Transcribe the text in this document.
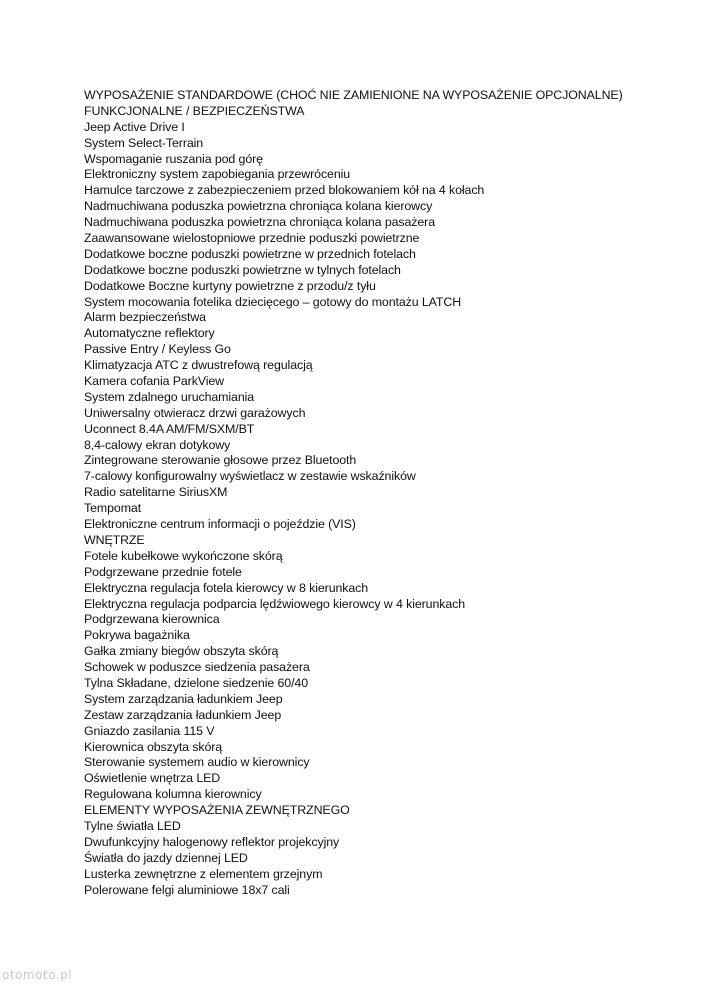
WYPOSAŻENIE STANDARDOWE (CHOĆ NIE ZAMIENIONE NA WYPOSAŻENIE OPCJONALNE)
FUNKCJONALNE / BEZPIECZEŃSTWA
Jeep Active Drive I
System Select-Terrain
Wspomaganie ruszania pod górę
Elektroniczny system zapobiegania przewróceniu
Hamulce tarczowe z zabezpieczeniem przed blokowaniem kół na 4 kołach
Nadmuchiwana poduszka powietrzna chroniąca kolana kierowcy
Nadmuchiwana poduszka powietrzna chroniąca kolana pasażera
Zaawansowane wielostopniowe przednie poduszki powietrzne
Dodatkowe boczne poduszki powietrzne w przednich fotelach
Dodatkowe boczne poduszki powietrzne w tylnych fotelach
Dodatkowe Boczne kurtyny powietrzne z przodu/z tyłu
System mocowania fotelika dziecięcego – gotowy do montażu LATCH
Alarm bezpieczeństwa
Automatyczne reflektory
Passive Entry / Keyless Go
Klimatyzacja ATC z dwustrefową regulacją
Kamera cofania ParkView
System zdalnego uruchamiania
Uniwersalny otwieracz drzwi garażowych
Uconnect 8.4A AM/FM/SXM/BT
8,4-calowy ekran dotykowy
Zintegrowane sterowanie głosowe przez Bluetooth
7-calowy konfigurowalny wyświetlacz w zestawie wskaźników
Radio satelitarne SiriusXM
Tempomat
Elektroniczne centrum informacji o pojeździe (VIS)
WNĘTRZE
Fotele kubełkowe wykończone skórą
Podgrzewane przednie fotele
Elektryczna regulacja fotela kierowcy w 8 kierunkach
Elektryczna regulacja podparcia lędźwiowego kierowcy w 4 kierunkach
Podgrzewana kierownica
Pokrywa bagażnika
Gałka zmiany biegów obszyta skórą
Schowek w poduszce siedzenia pasażera
Tylna Składane, dzielone siedzenie 60/40
System zarządzania ładunkiem Jeep
Zestaw zarządzania ładunkiem Jeep
Gniazdo zasilania 115 V
Kierownica obszyta skórą
Sterowanie systemem audio w kierownicy
Oświetlenie wnętrza LED
Regulowana kolumna kierownicy
ELEMENTY WYPOSAŻENIA ZEWNĘTRZNEGO
Tylne światła LED
Dwufunkcyjny halogenowy reflektor projekcyjny
Światła do jazdy dziennej LED
Lusterka zewnętrzne z elementem grzejnym
Polerowane felgi aluminiowe 18x7 cali
otomoto.pl
